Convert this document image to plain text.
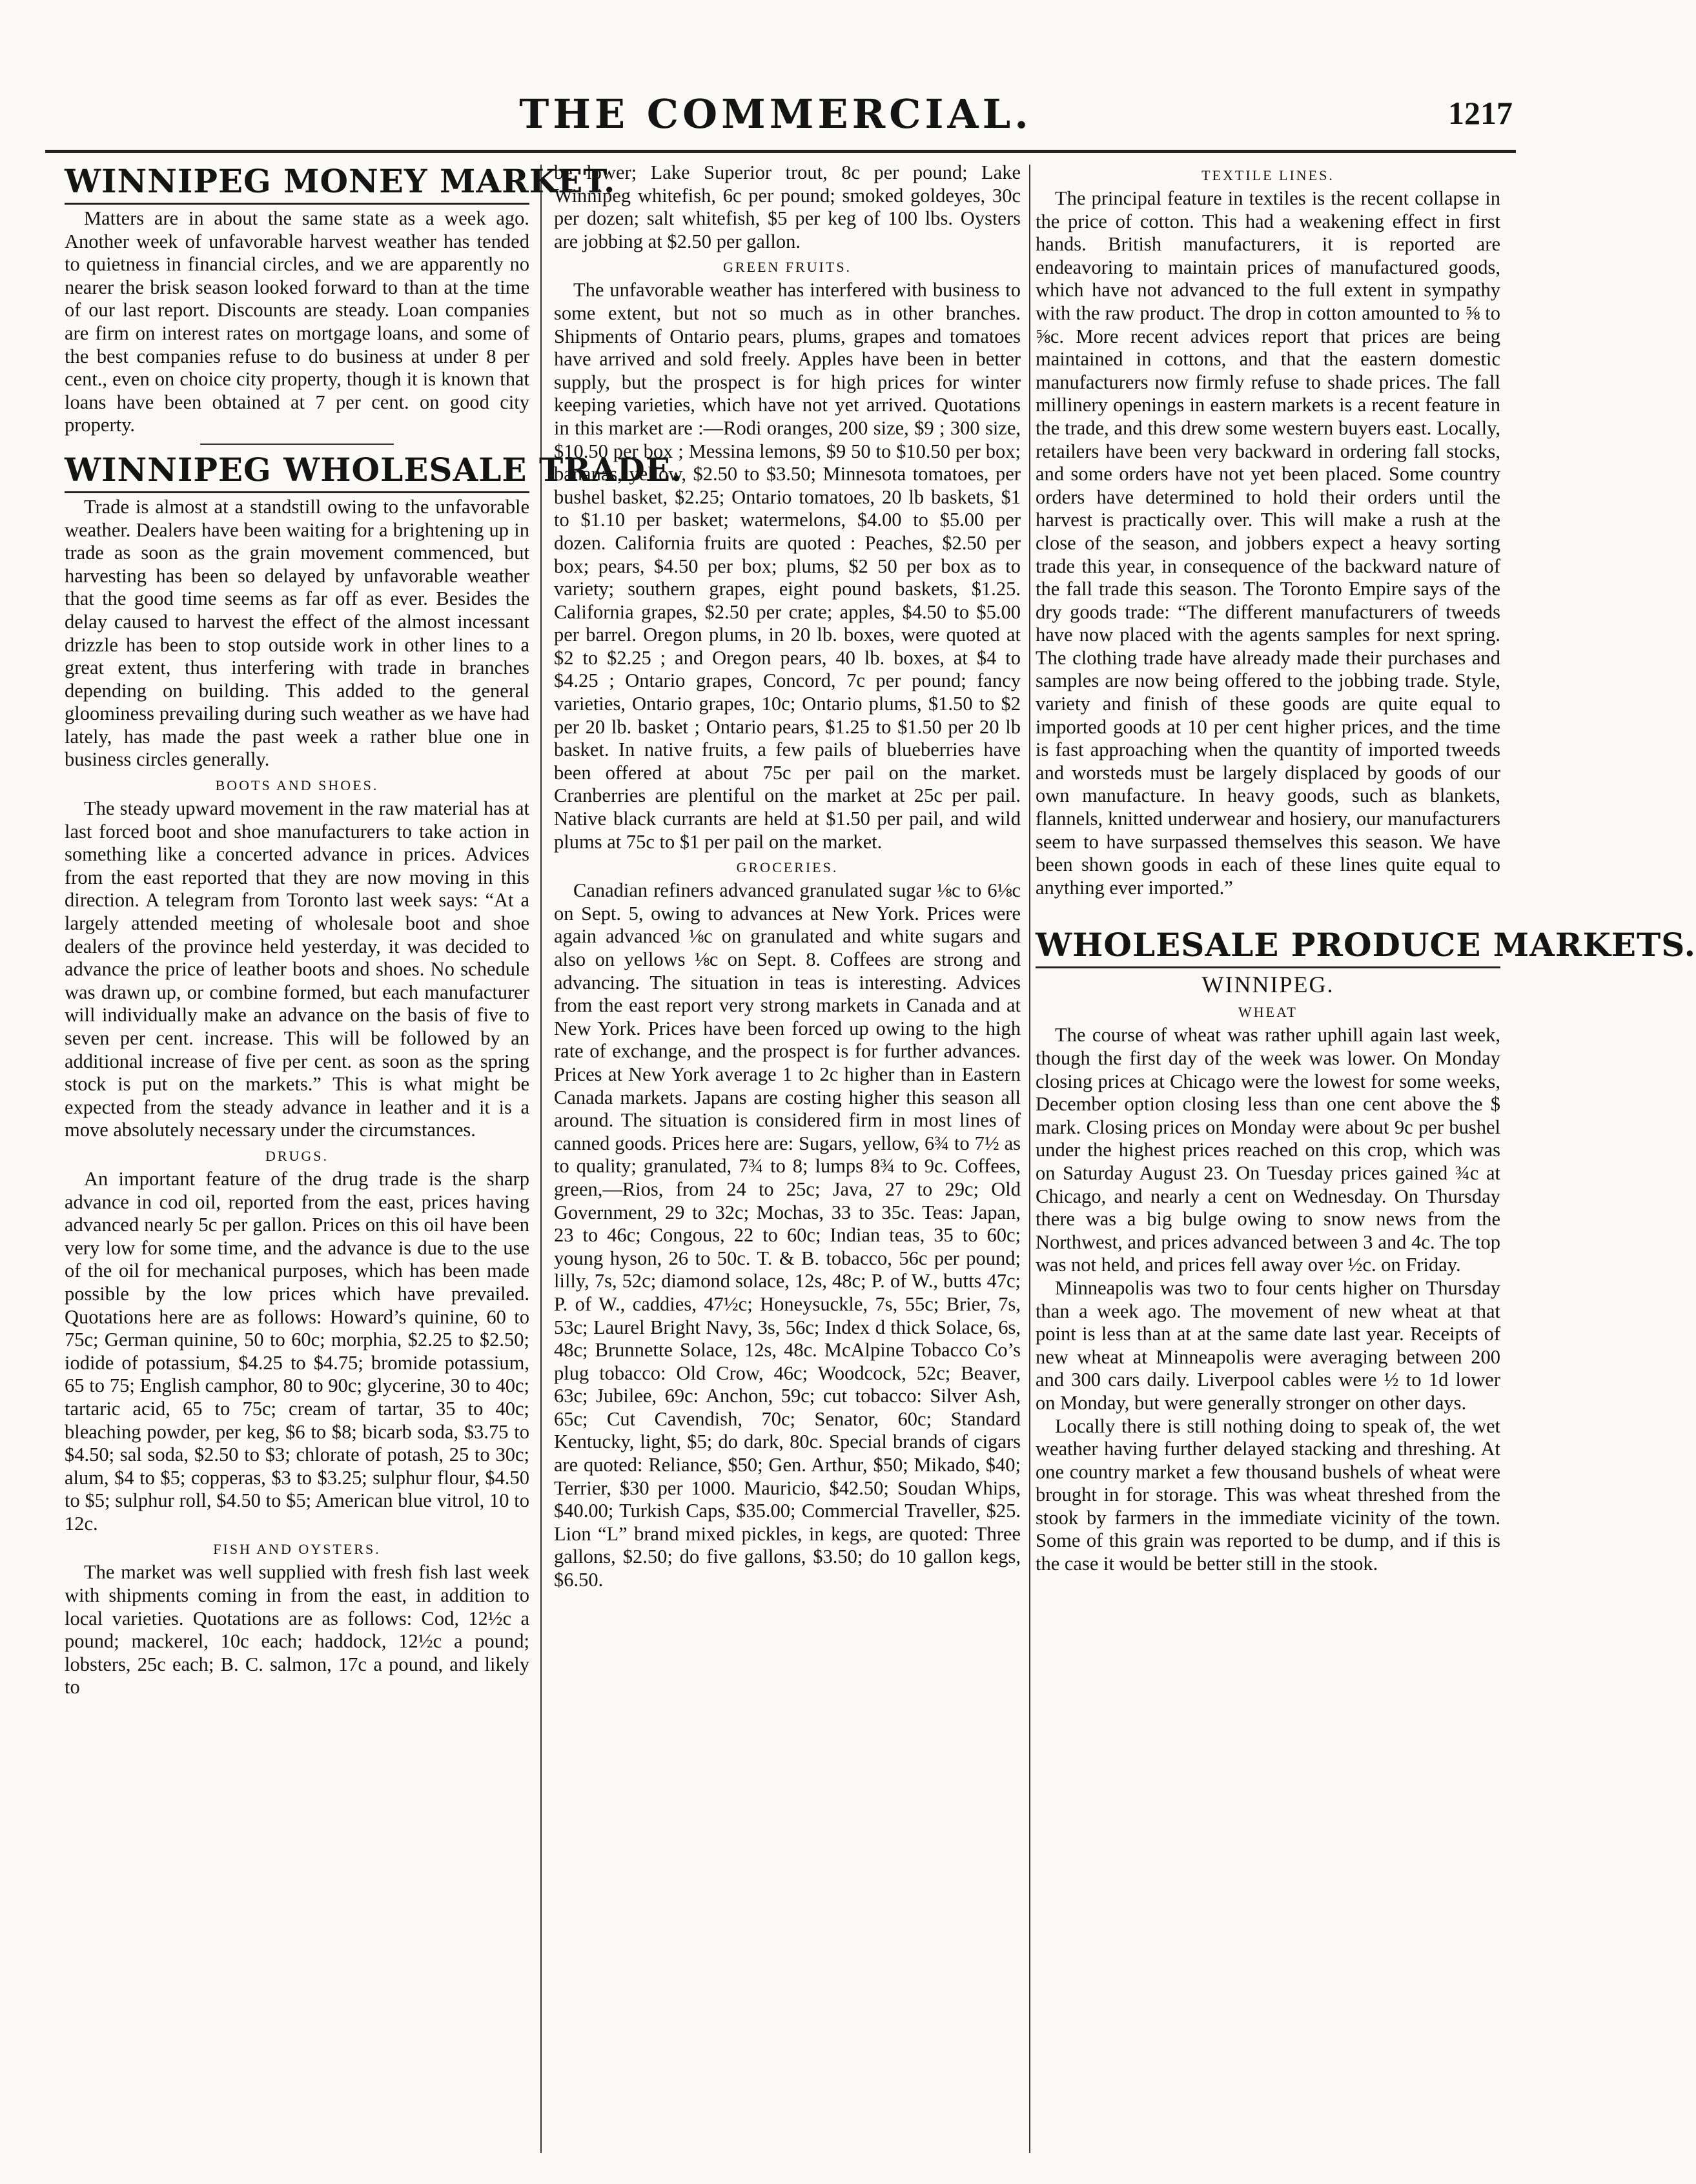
THE COMMERCIAL.	1217
WINNIPEG MONEY MARKET.

Matters are in about the same state as a week ago. Another week of unfavorable harvest weather has tended to quietness in financial circles, and we are apparently no nearer the brisk season looked forward to than at the time of our last report. Discounts are steady. Loan companies are firm on interest rates on mortgage loans, and some of the best companies refuse to do business at under 8 per cent., even on choice city property, though it is known that loans have been obtained at 7 per cent. on good city property.

WINNIPEG WHOLESALE TRADE.

Trade is almost at a standstill owing to the unfavorable weather. Dealers have been waiting for a brightening up in trade as soon as the grain movement commenced, but harvesting has been so delayed by unfavorable weather that the good time seems as far off as ever. Besides the delay caused to harvest the effect of the almost incessant drizzle has been to stop outside work in other lines to a great extent, thus interfering with trade in branches depending on building. This added to the general gloominess prevailing during such weather as we have had lately, has made the past week a rather blue one in business circles generally.

BOOTS AND SHOES.

The steady upward movement in the raw material has at last forced boot and shoe manufacturers to take action in something like a concerted advance in prices. Advices from the east reported that they are now moving in this direction. A telegram from Toronto last week says: “At a largely attended meeting of wholesale boot and shoe dealers of the province held yesterday, it was decided to advance the price of leather boots and shoes. No schedule was drawn up, or combine formed, but each manufacturer will individually make an advance on the basis of five to seven per cent. increase. This will be followed by an additional increase of five per cent. as soon as the spring stock is put on the markets.” This is what might be expected from the steady advance in leather and it is a move absolutely necessary under the circumstances.

DRUGS.

An important feature of the drug trade is the sharp advance in cod oil, reported from the east, prices having advanced nearly 5c per gallon. Prices on this oil have been very low for some time, and the advance is due to the use of the oil for mechanical purposes, which has been made possible by the low prices which have prevailed. Quotations here are as follows: Howard’s quinine, 60 to 75c; German quinine, 50 to 60c; morphia, $2.25 to $2.50; iodide of potassium, $4.25 to $4.75; bromide potassium, 65 to 75; English camphor, 80 to 90c; glycerine, 30 to 40c; tartaric acid, 65 to 75c; cream of tartar, 35 to 40c; bleaching powder, per keg, $6 to $8; bicarb soda, $3.75 to $4.50; sal soda, $2.50 to $3; chlorate of potash, 25 to 30c; alum, $4 to $5; copperas, $3 to $3.25; sulphur flour, $4.50 to $5; sulphur roll, $4.50 to $5; American blue vitrol, 10 to 12c.

FISH AND OYSTERS.

The market was well supplied with fresh fish last week with shipments coming in from the east, in addition to local varieties. Quotations are as follows: Cod, 12½c a pound; mackerel, 10c each; haddock, 12½c a pound; lobsters, 25c each; B. C. salmon, 17c a pound, and likely to

be lower; Lake Superior trout, 8c per pound; Lake Winnipeg whitefish, 6c per pound; smoked goldeyes, 30c per dozen; salt whitefish, $5 per keg of 100 lbs. Oysters are jobbing at $2.50 per gallon.

GREEN FRUITS.

The unfavorable weather has interfered with business to some extent, but not so much as in other branches. Shipments of Ontario pears, plums, grapes and tomatoes have arrived and sold freely. Apples have been in better supply, but the prospect is for high prices for winter keeping varieties, which have not yet arrived. Quotations in this market are :—Rodi oranges, 200 size, $9 ; 300 size, $10.50 per box ; Messina lemons, $9 50 to $10.50 per box; bananas, yellow, $2.50 to $3.50; Minnesota tomatoes, per bushel basket, $2.25; Ontario tomatoes, 20 lb baskets, $1 to $1.10 per basket; watermelons, $4.00 to $5.00 per dozen. California fruits are quoted : Peaches, $2.50 per box; pears, $4.50 per box; plums, $2 50 per box as to variety; southern grapes, eight pound baskets, $1.25. California grapes, $2.50 per crate; apples, $4.50 to $5.00 per barrel. Oregon plums, in 20 lb. boxes, were quoted at $2 to $2.25 ; and Oregon pears, 40 lb. boxes, at $4 to $4.25 ; Ontario grapes, Concord, 7c per pound; fancy varieties, Ontario grapes, 10c; Ontario plums, $1.50 to $2 per 20 lb. basket ; Ontario pears, $1.25 to $1.50 per 20 lb basket. In native fruits, a few pails of blueberries have been offered at about 75c per pail on the market. Cranberries are plentiful on the market at 25c per pail. Native black currants are held at $1.50 per pail, and wild plums at 75c to $1 per pail on the market.

GROCERIES.

Canadian refiners advanced granulated sugar ⅛c to 6⅛c on Sept. 5, owing to advances at New York. Prices were again advanced ⅛c on granulated and white sugars and also on yellows ⅛c on Sept. 8. Coffees are strong and advancing. The situation in teas is interesting. Advices from the east report very strong markets in Canada and at New York. Prices have been forced up owing to the high rate of exchange, and the prospect is for further advances. Prices at New York average 1 to 2c higher than in Eastern Canada markets. Japans are costing higher this season all around. The situation is considered firm in most lines of canned goods. Prices here are: Sugars, yellow, 6¾ to 7½ as to quality; granulated, 7¾ to 8; lumps 8¾ to 9c. Coffees, green,—Rios, from 24 to 25c; Java, 27 to 29c; Old Government, 29 to 32c; Mochas, 33 to 35c. Teas: Japan, 23 to 46c; Congous, 22 to 60c; Indian teas, 35 to 60c; young hyson, 26 to 50c. T. & B. tobacco, 56c per pound; lilly, 7s, 52c; diamond solace, 12s, 48c; P. of W., butts 47c; P. of W., caddies, 47½c; Honeysuckle, 7s, 55c; Brier, 7s, 53c; Laurel Bright Navy, 3s, 56c; Index d thick Solace, 6s, 48c; Brunnette Solace, 12s, 48c. McAlpine Tobacco Co’s plug tobacco: Old Crow, 46c; Woodcock, 52c; Beaver, 63c; Jubilee, 69c: Anchon, 59c; cut tobacco: Silver Ash, 65c; Cut Cavendish, 70c; Senator, 60c; Standard Kentucky, light, $5; do dark, 80c. Special brands of cigars are quoted: Reliance, $50; Gen. Arthur, $50; Mikado, $40; Terrier, $30 per 1000. Mauricio, $42.50; Soudan Whips, $40.00; Turkish Caps, $35.00; Commercial Traveller, $25. Lion “L” brand mixed pickles, in kegs, are quoted: Three gallons, $2.50; do five gallons, $3.50; do 10 gallon kegs, $6.50.

TEXTILE LINES.

The principal feature in textiles is the recent collapse in the price of cotton. This had a weakening effect in first hands. British manufacturers, it is reported are endeavoring to maintain prices of manufactured goods, which have not advanced to the full extent in sympathy with the raw product. The drop in cotton amounted to ⅝ to ⅝c. More recent advices report that prices are being maintained in cottons, and that the eastern domestic manufacturers now firmly refuse to shade prices. The fall millinery openings in eastern markets is a recent feature in the trade, and this drew some western buyers east. Locally, retailers have been very backward in ordering fall stocks, and some orders have not yet been placed. Some country orders have determined to hold their orders until the harvest is practically over. This will make a rush at the close of the season, and jobbers expect a heavy sorting trade this year, in consequence of the backward nature of the fall trade this season. The Toronto Empire says of the dry goods trade: “The different manufacturers of tweeds have now placed with the agents samples for next spring. The clothing trade have already made their purchases and samples are now being offered to the jobbing trade. Style, variety and finish of these goods are quite equal to imported goods at 10 per cent higher prices, and the time is fast approaching when the quantity of imported tweeds and worsteds must be largely displaced by goods of our own manufacture. In heavy goods, such as blankets, flannels, knitted underwear and hosiery, our manufacturers seem to have surpassed themselves this season. We have been shown goods in each of these lines quite equal to anything ever imported.”

WHOLESALE PRODUCE MARKETS.
WINNIPEG.
WHEAT

The course of wheat was rather uphill again last week, though the first day of the week was lower. On Monday closing prices at Chicago were the lowest for some weeks, December option closing less than one cent above the $ mark. Closing prices on Monday were about 9c per bushel under the highest prices reached on this crop, which was on Saturday August 23. On Tuesday prices gained ¾c at Chicago, and nearly a cent on Wednesday. On Thursday there was a big bulge owing to snow news from the Northwest, and prices advanced between 3 and 4c. The top was not held, and prices fell away over ½c. on Friday.

Minneapolis was two to four cents higher on Thursday than a week ago. The movement of new wheat at that point is less than at at the same date last year. Receipts of new wheat at Minneapolis were averaging between 200 and 300 cars daily. Liverpool cables were ½ to 1d lower on Monday, but were generally stronger on other days.

Locally there is still nothing doing to speak of, the wet weather having further delayed stacking and threshing. At one country market a few thousand bushels of wheat were brought in for storage. This was wheat threshed from the stook by farmers in the immediate vicinity of the town. Some of this grain was reported to be dump, and if this is the case it would be better still in the stook.
